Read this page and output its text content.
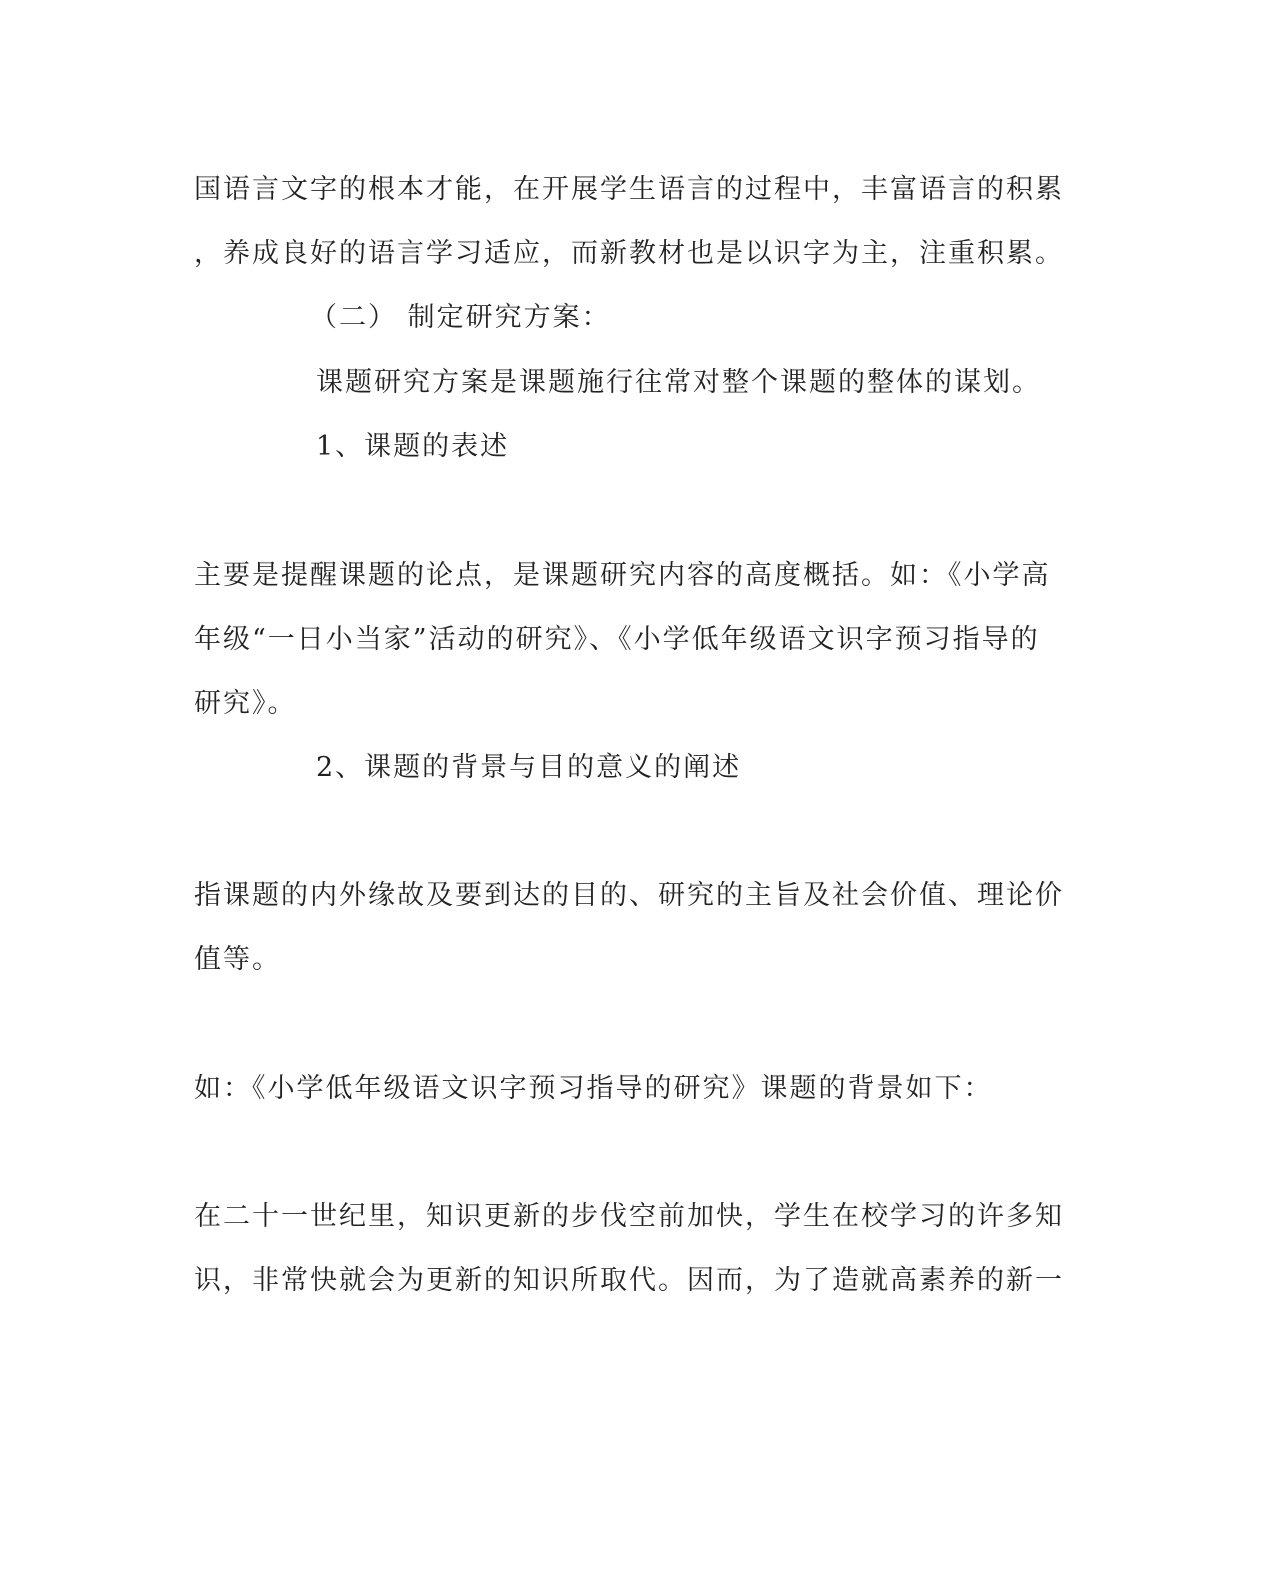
国语言文字的根本才能，在开展学生语言的过程中，丰富语言的积累
，养成良好的语言学习适应，而新教材也是以识字为主，注重积累。
（二） 制定研究方案：
课题研究方案是课题施行往常对整个课题的整体的谋划。
1、课题的表述
主要是提醒课题的论点，是课题研究内容的高度概括。如：《小学高
年级“一日小当家”活动的研究》、《小学低年级语文识字预习指导的
研究》。
2、课题的背景与目的意义的阐述
指课题的内外缘故及要到达的目的、研究的主旨及社会价值、理论价
值等。
如：《小学低年级语文识字预习指导的研究》课题的背景如下：
在二十一世纪里，知识更新的步伐空前加快，学生在校学习的许多知
识，非常快就会为更新的知识所取代。因而，为了造就高素养的新一
